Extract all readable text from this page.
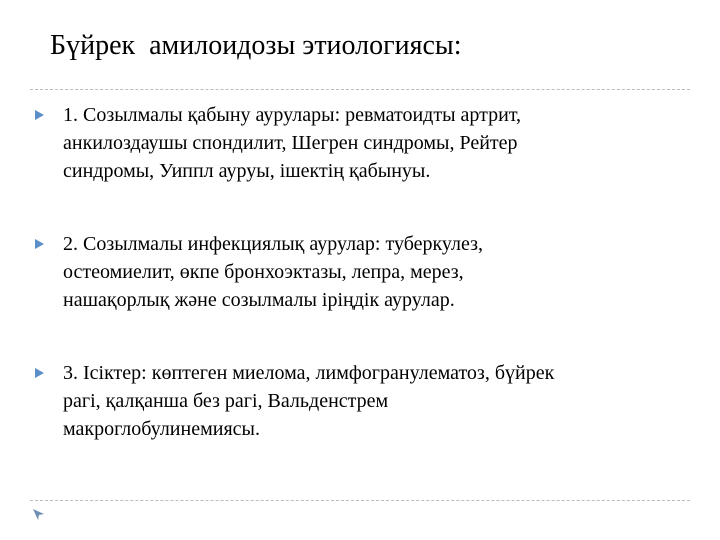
Бүйрек  амилоидозы этиологиясы:
1. Созылмалы қабыну аурулары: ревматоидты артрит,
анкилоздаушы спондилит, Шегрен синдромы, Рейтер
синдромы, Уиппл ауруы, ішектің қабынуы.
2. Созылмалы инфекциялық аурулар: туберкулез,
остеомиелит, өкпе бронхоэктазы, лепра, мерез,
нашақорлық және созылмалы іріңдік аурулар.
3. Ісіктер: көптеген миелома, лимфогранулематоз, бүйрек
рагі, қалқанша без рагі, Вальденстрем
макроглобулинемиясы.
